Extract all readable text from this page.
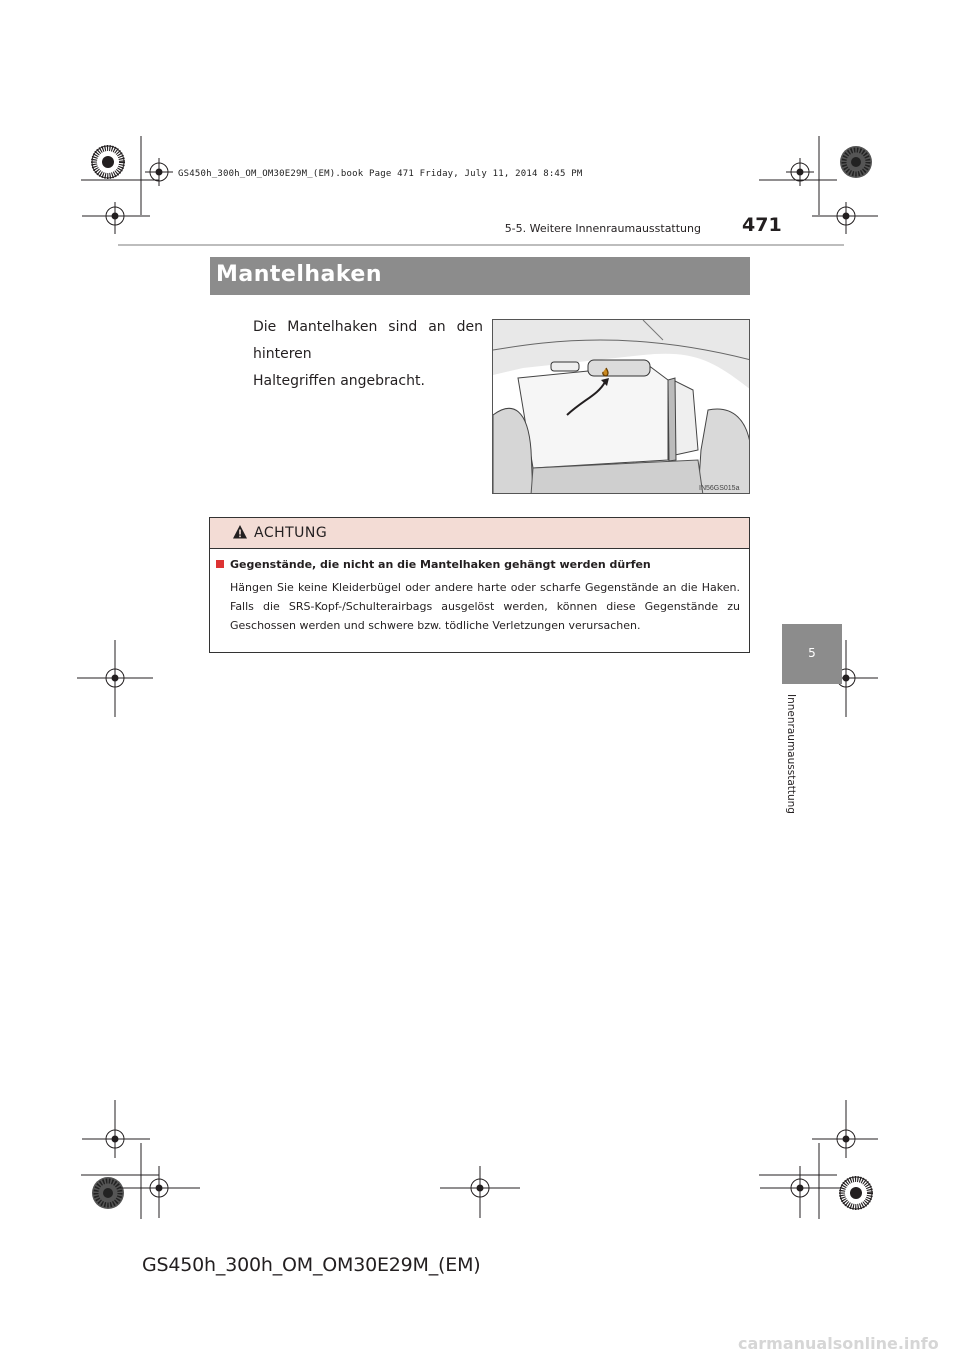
GS450h_300h_OM_OM30E29M_(EM).book Page 471 Friday, July 11, 2014 8:45 PM
5-5. Weitere Innenraumausstattung 471
Mantelhaken
Die Mantelhaken sind an den hinteren

Haltegriffen angebracht.
IN56GS015a
ACHTUNG
Gegenstände, die nicht an die Mantelhaken gehängt werden dürfen
Hängen Sie keine Kleiderbügel oder andere harte oder scharfe Gegenstände an die Haken. Falls die SRS-Kopf-/Schulterairbags ausgelöst werden, können diese Gegenstände zu Geschossen werden und schwere bzw. tödliche Verletzungen verursachen.
5
Innenraumausstattung
GS450h_300h_OM_OM30E29M_(EM)
carmanualsonline.info
